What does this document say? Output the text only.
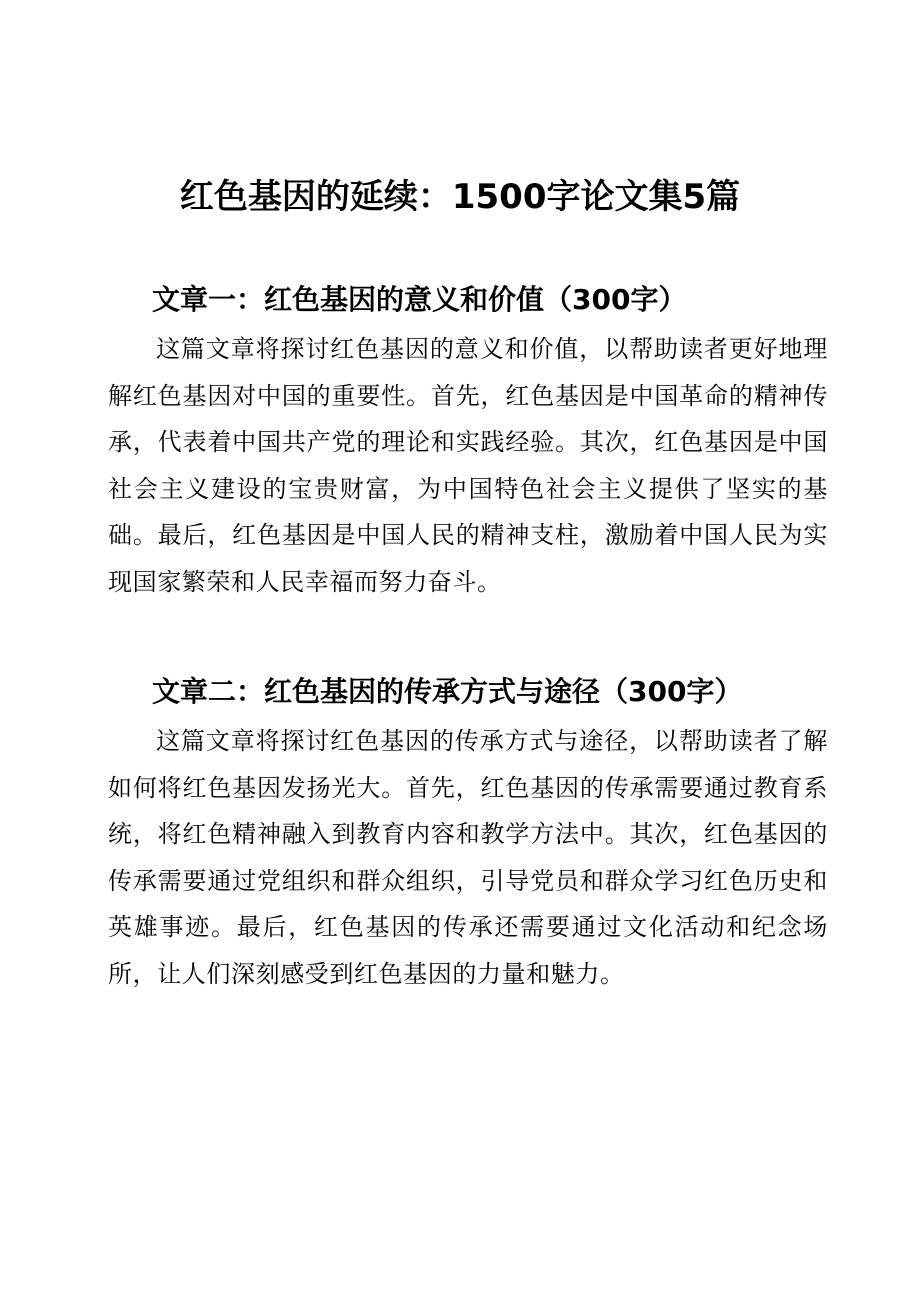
红色基因的延续：1500字论文集5篇
文章一：红色基因的意义和价值（300字）

这篇文章将探讨红色基因的意义和价值，以帮助读者更好地理解红色基因对中国的重要性。首先，红色基因是中国革命的精神传承，代表着中国共产党的理论和实践经验。其次，红色基因是中国社会主义建设的宝贵财富，为中国特色社会主义提供了坚实的基础。最后，红色基因是中国人民的精神支柱，激励着中国人民为实现国家繁荣和人民幸福而努力奋斗。

文章二：红色基因的传承方式与途径（300字）

这篇文章将探讨红色基因的传承方式与途径，以帮助读者了解如何将红色基因发扬光大。首先，红色基因的传承需要通过教育系统，将红色精神融入到教育内容和教学方法中。其次，红色基因的传承需要通过党组织和群众组织，引导党员和群众学习红色历史和英雄事迹。最后，红色基因的传承还需要通过文化活动和纪念场所，让人们深刻感受到红色基因的力量和魅力。
